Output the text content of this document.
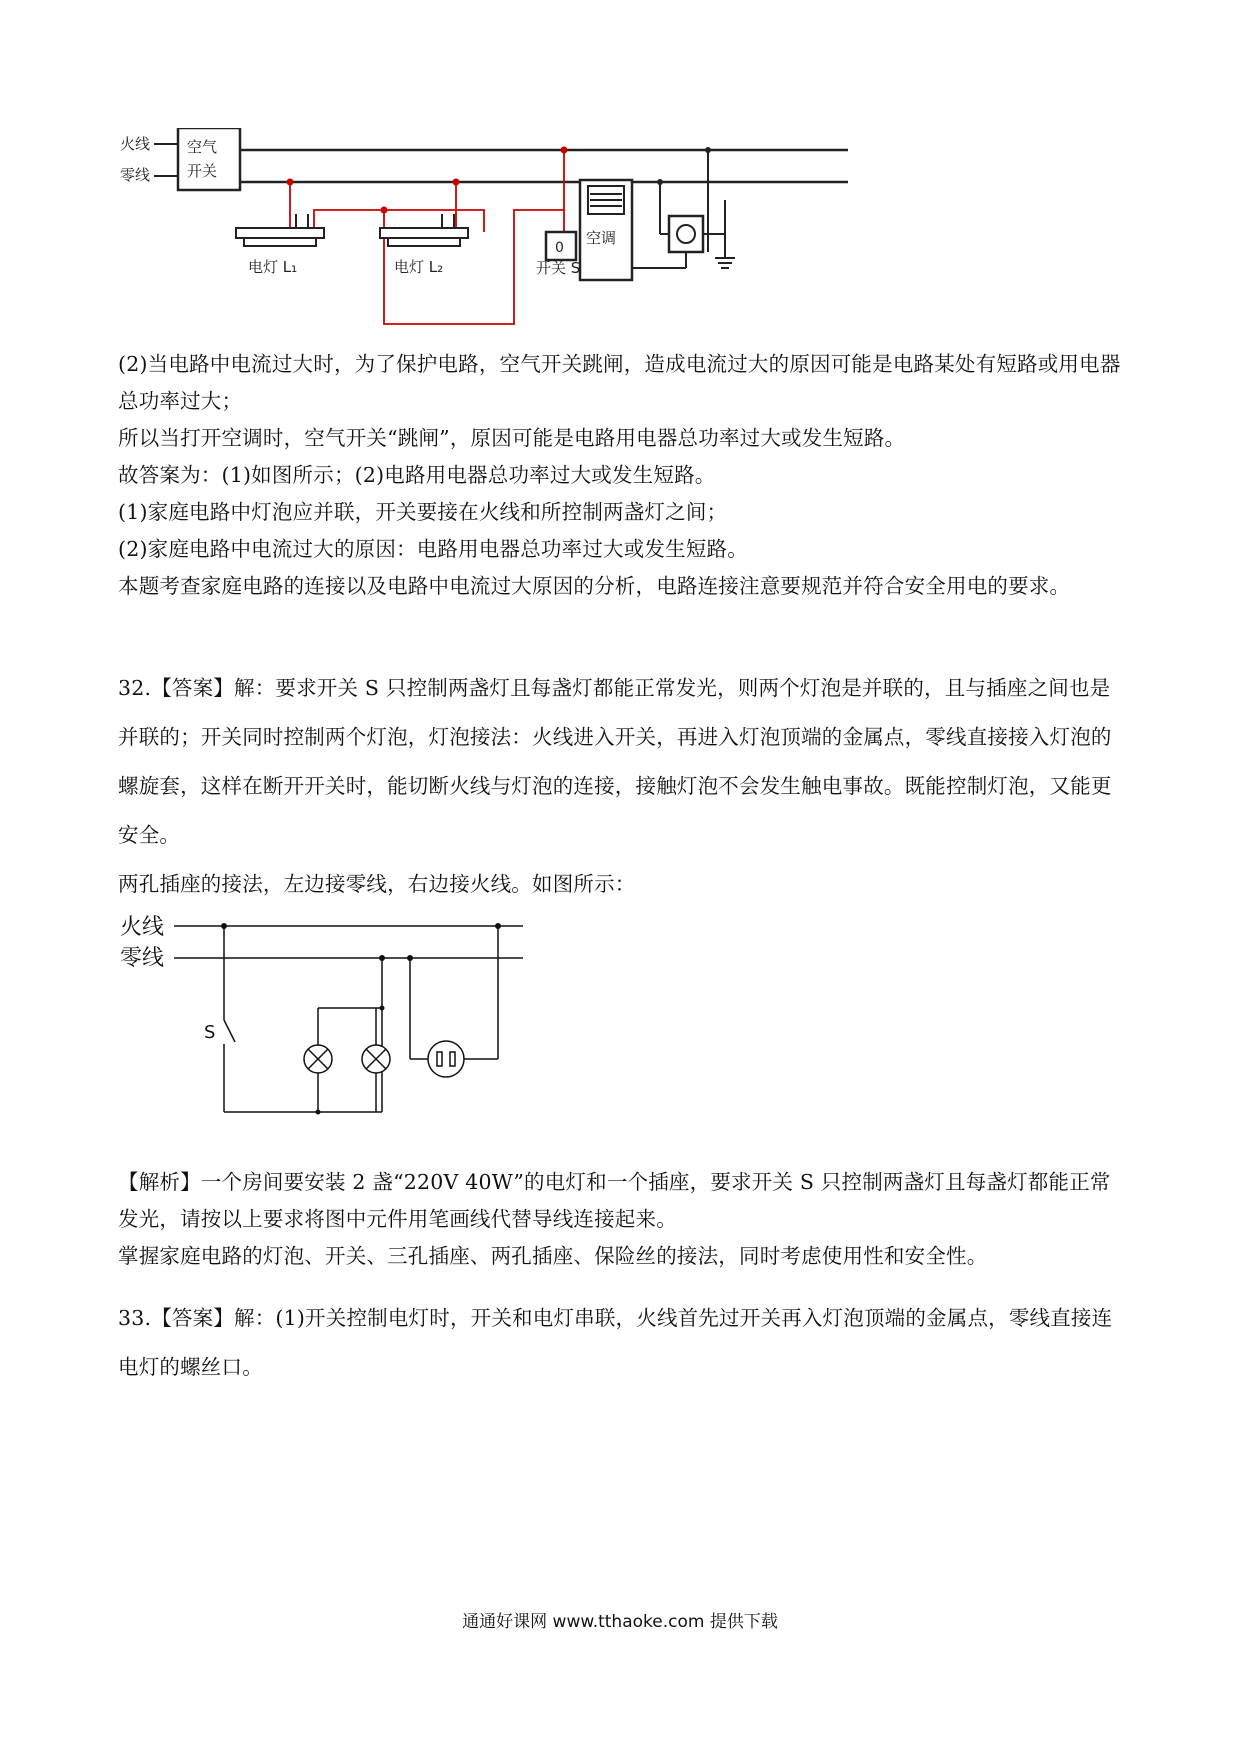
火线
零线
空气
开关
电灯 L₁	电灯 L₂
0
开关 S
空调

(2)当电路中电流过大时，为了保护电路，空气开关跳闸，造成电流过大的原因可能是电路某处有短路或用电器总功率过大；

所以当打开空调时，空气开关“跳闸”，原因可能是电路用电器总功率过大或发生短路。

故答案为：(1)如图所示；(2)电路用电器总功率过大或发生短路。

(1)家庭电路中灯泡应并联，开关要接在火线和所控制两盏灯之间；

(2)家庭电路中电流过大的原因：电路用电器总功率过大或发生短路。

本题考查家庭电路的连接以及电路中电流过大原因的分析，电路连接注意要规范并符合安全用电的要求。

32.【答案】解：要求开关 S 只控制两盏灯且每盏灯都能正常发光，则两个灯泡是并联的，且与插座之间也是并联的；开关同时控制两个灯泡，灯泡接法：火线进入开关，再进入灯泡顶端的金属点，零线直接接入灯泡的螺旋套，这样在断开开关时，能切断火线与灯泡的连接，接触灯泡不会发生触电事故。既能控制灯泡，又能更安全。

两孔插座的接法，左边接零线，右边接火线。如图所示：

火线
零线
S

【解析】一个房间要安装 2 盏“220V 40W”的电灯和一个插座，要求开关 S 只控制两盏灯且每盏灯都能正常发光，请按以上要求将图中元件用笔画线代替导线连接起来。

掌握家庭电路的灯泡、开关、三孔插座、两孔插座、保险丝的接法，同时考虑使用性和安全性。

33.【答案】解：(1)开关控制电灯时，开关和电灯串联，火线首先过开关再入灯泡顶端的金属点，零线直接连电灯的螺丝口。

通通好课网 www.tthaoke.com 提供下载
